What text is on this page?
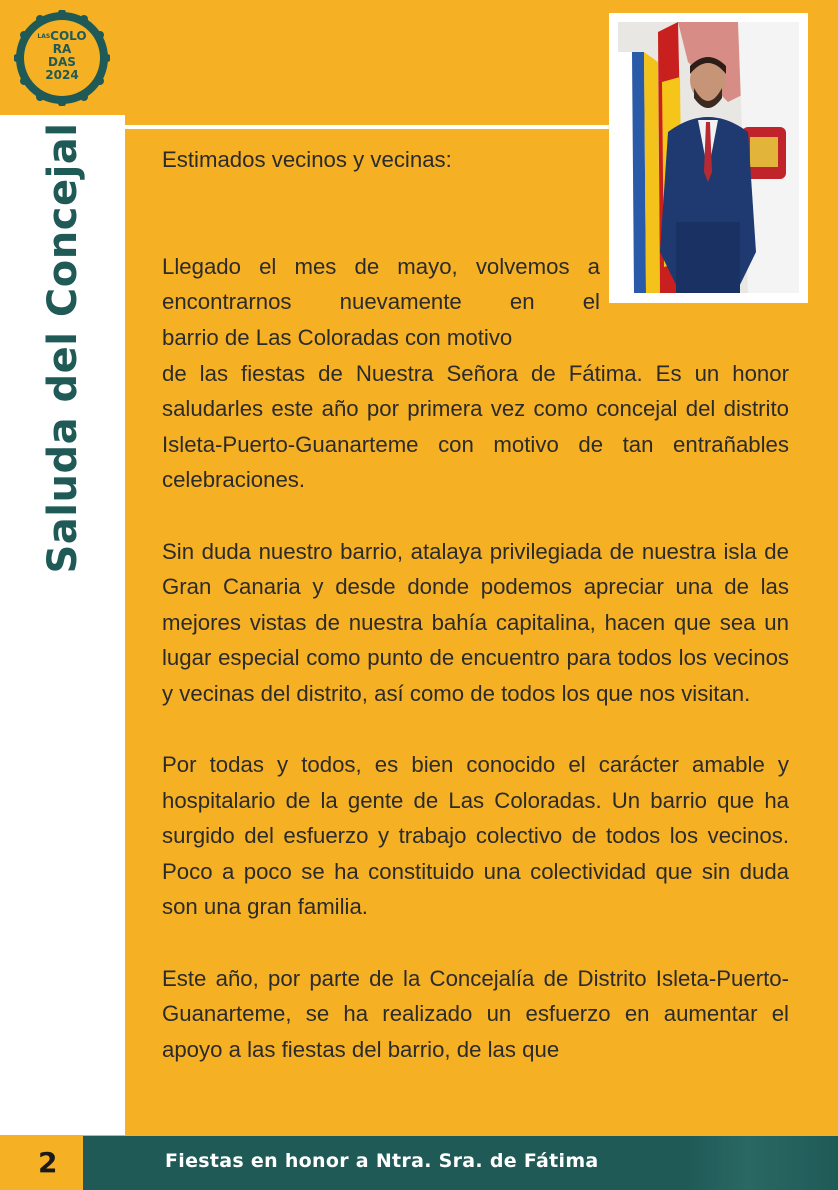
$^{LAS}$COLO
RA
DAS
2024
Saluda del Concejal	Estimados vecinos y vecinas:

Llegado el mes de mayo, volvemos a
encontrarnos nuevamente en el
barrio de Las Coloradas con motivo

de las fiestas de Nuestra Señora de Fátima. Es un honor saludarles este año por primera vez como concejal del distrito Isleta-Puerto-Guanarteme con motivo de tan entrañables celebraciones.

Sin duda nuestro barrio, atalaya privilegiada de nuestra isla de Gran Canaria y desde donde podemos apreciar una de las mejores vistas de nuestra bahía capitalina, hacen que sea un lugar especial como punto de encuentro para todos los vecinos y vecinas del distrito, así como de todos los que nos visitan.

Por todas y todos, es bien conocido el carácter amable y hospitalario de la gente de Las Coloradas. Un barrio que ha surgido del esfuerzo y trabajo colectivo de todos los vecinos. Poco a poco se ha constituido una colectividad que sin duda son una gran familia.

Este año, por parte de la Concejalía de Distrito Isleta-Puerto-Guanarteme, se ha realizado un esfuerzo en aumentar el apoyo a las fiestas del barrio, de las que

2	Fiestas en honor a Ntra. Sra. de Fátima
